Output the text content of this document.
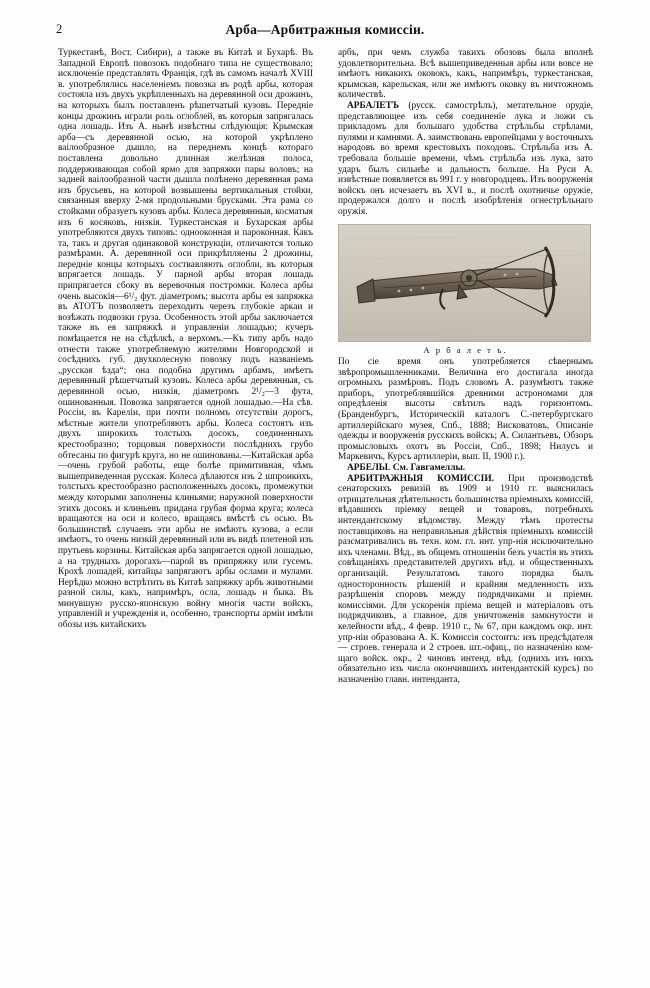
2	Арба—Арбитражныя комиссіи.

Туркестанѣ, Вост. Сибири), а также въ Китаѣ и Бухарѣ. Въ Западной Европѣ повозокъ подобнаго типа не существовало; исключеніе представлять Франція, гдѣ въ самомъ началѣ XVIII в. употреблялись населеніемъ повозка въ родѣ арбы, которая состояла изъ двухъ укрѣпленныхъ на деревянной оси дрожинъ, на которыхъ былъ поставленъ рѣшетчатый кузовъ. Переднiе концы дрожинъ играли роль оглоблей, въ которыя запрягалась одна лошадь. Изъ А. нынѣ извѣстны слѣдующія: Крымская арба—съ деревянной осью, на которой укрѣплено ваілообразное дышло, на переднемъ концѣ котораго поставлена довольно длинная желѣзная полоса, поддерживающая собой ярмо для запряжки пары воловъ; на задней ваілообразной части дышла полѣнено деревянная рама изъ брусьевъ, на которой возвышены вертикальныя стойки, связанныя вверху 2-мя продольными брусками. Эта рама со стойками образуетъ кузовъ арбы. Колеса деревянныя, косматыя изъ 6 косяковъ, низкія. Туркестанская и Бухарская арбы употребляются двухъ типовъ: однооконная и пароконная. Какъ та, такъ и другая одинаковой конструкціи, отличаются только размѣрами. А. деревянной оси прикрѣпляены 2 дрожины, переднiе концы которыхъ соствавляють оглобли, въ которыя впрягается лошадь. У парной арбы вторая лошадь припрягается сбоку въ веревочныя постромки. Колеса арбы очень высокія—6¹/₂ фут. діаметромъ; высота арбы ея запряжка въ АТОТЪ позволяетъ переходить черезъ глубокіе аркаи и возѣжать подвозки груза. Особенность этой арбы заключается также въ ея запряжкѣ и управленіи лошадью; кучеръ помѣщается не на сѣдѣлкѣ, а верхомъ.—Къ типу арбъ надо отнести также употребляемую жителями Новгородской и сосѣднихъ губ. двухколесную повозку подъ названіемъ „русская ѣзда“; она подобна другимъ арбамъ, имѣетъ деревянный рѣшетчатый кузовъ. Колеса арбы деревянныя, съ деревянной осью, низкія, діаметромъ 2¹/₂—3 фута, ошинованныя. Повозка запрягается одной лошадью.—На сѣв. Россіи, въ Кареліи, при почти полномъ отсутствіи дорогъ, мѣстные жители употребляютъ арбы. Колеса состоятъ изъ двухъ широкихъ толстыхъ досокъ, соединенныхъ крестообразно; торцовыя поверхности послѣднихъ грубо обтесаны по фигурѣ круга, но не ошинованы.—Китайская арба—очень грубой работы, еще болѣе примитивная, чѣмъ вышеприведенная русская. Колеса дѣлаются изъ 2 шпроикихъ, толстыхъ крестообразно расположенныхъ досокъ, промежутки между которыми заполнены клиньями; наружной поверхности этихъ досокъ и клиньевъ придана грубая форма круга; колеса вращаются на оси и колесо, вращаясь вмѣстѣ съ осью. Въ большинствѣ случаевъ эти арбы не имѣютъ кузова, а если имѣютъ, то очень низкій деревянный или въ видѣ плетеной изъ прутьевъ корзины. Китайская арба запрягается одной лошадью, а на трудныхъ дорогахъ—парой въ припряжку или гусемъ. Крохѣ лошадей, китайцы запрягаютъ арбы ослами и мулами. Нерѣдко можно встрѣтить въ Китаѣ запряжку арбъ животными разной силы, какъ, напримѣръ, осла, лошадь и быка. Въ минувшую русско-японскую войну многія части войскъ, управленій и учрежденія и, особенно, транспорты арміи имѣли обозы изъ китайскихъ

арбъ, при чемъ служба такихъ обозовъ была вполнѣ удовлетворительна. Всѣ вышеприведенныя арбы или вовсе не имѣютъ никакихъ оковокъ, какъ, напримѣръ, туркестанская, крымская, карельская, или же имѣютъ оковку въ ничтожномъ количествѣ.

АРБАЛЕТЪ (русск. самострѣлъ), метательное орудіе, представляющее изъ себя соединеніе лука и ложи съ прикладомъ для большаго удобства стрѣльбы стрѣлами, пулями и камнями. А. заимствовань европейцами у восточныхъ народовъ во время крестовыхъ походовъ. Стрѣльба изъ А. требовала большіе времени, чѣмъ стрѣльба изъ лука, зато ударъ былъ сильнѣе и дальность больше. На Руси А. извѣстные появляется въ 991 г. у новгородцевъ. Изъ вооруженія войскъ онъ исчезаетъ въ XVI в., и послѣ охотничье оружіе, продержался долго и послѣ изобрѣтенія огнестрѣльнаго оружія.

А р б а л е т ъ.

По сіе время онъ употребляется сѣвернымъ звѣропромышленниками. Величина его достигала иногда огромныхъ размѣровъ. Подъ словомъ А. разумѣютъ также приборъ, употреблявшійся древними астрономами для опредѣленія высоты свѣтилъ надъ горизонтомъ. (Бранденбургъ, Историческій каталогъ С.-петербургскаго артиллерійскаго музея, Спб., 1888; Висковатовъ, Описаніе одежды и вооруженія русскихъ войскъ; А. Силантьевъ, Обзоръ промысловыхъ охотъ въ Россіи, Спб., 1898; Нилусъ и Маркевичъ, Курсъ артиллеріи, вып. II, 1900 г.).

АРБЕЛЫ. См. Гавгамеллы.

АРБИТРАЖНЫЯ КОМИССІИ. При производствѣ сенаторскихъ ревизій въ 1909 и 1910 гг. выяснилась отрицательная дѣятельность большинства пріемныхъ комиссій, вѣдавшихъ пріемку вещей и товаровъ, потребныхъ интендантскому вѣдомству. Между тѣмъ протесты поставщиковъ на неправильныя дѣйствія пріемныхъ комиссій разсматривались въ техн. ком. гл. инт. упр-нія исключительно ихъ членами. Вѣд., въ общемъ отношеніи безъ участія въ этихъ совѣщаніяхъ представителей другихъ вѣд. и общественныхъ организацій. Результатомъ такого порядка былъ односторонность рѣшеній и крайняя медленность ихъ разрѣшенія споровъ между подрядчиками и пріемн. комиссіями. Для ускоренія пріема вещей и матеріаловъ отъ подрядчиковъ, а главное, для уничтоженія замкнутости и келейности вѣд., 4 февр. 1910 г., № 67, при каждомъ окр. инт. упр-ніи образована А. К. Комиссія состоитъ: изъ предсѣдателя — строев. генерала и 2 строев. шт.-офиц., по назначенію ком-щаго войск. окр., 2 чиновъ интенд. вѣд. (однихъ изъ нихъ обязательно изъ числа окончившихъ интендантскій курсъ) по назначенію главн. интенданта,
